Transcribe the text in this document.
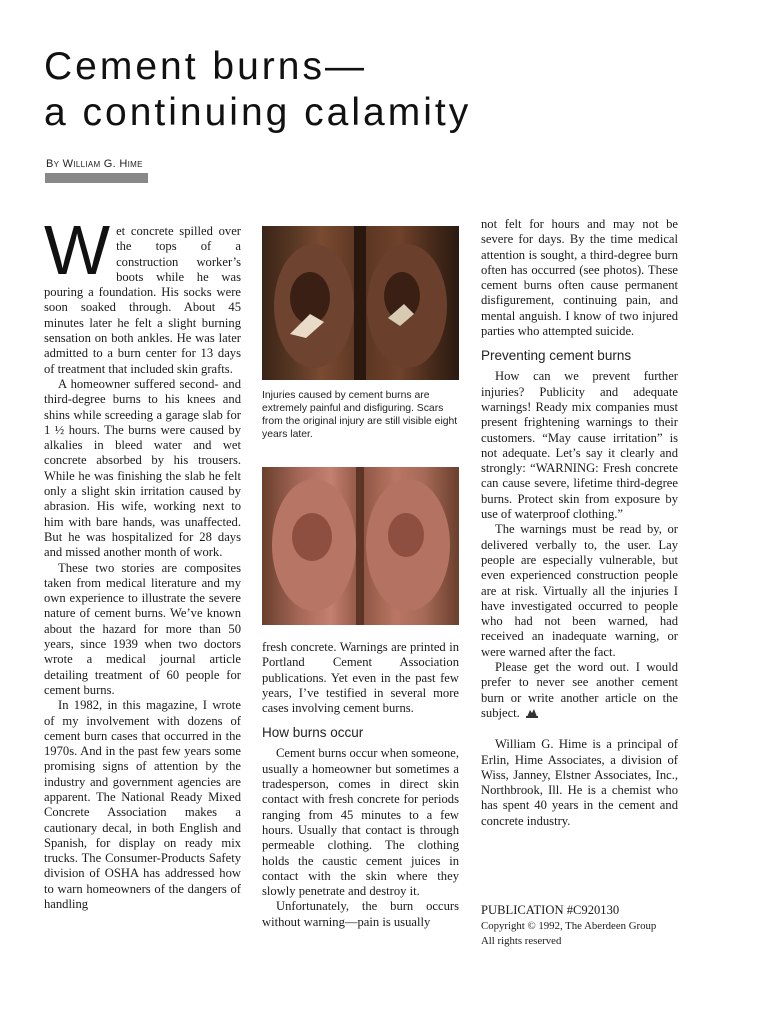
Cement burns—
a continuing calamity
By William G. Hime
W et concrete spilled over the tops of a construction worker’s boots while he was pouring a foundation. His socks were soon soaked through. About 45 minutes later he felt a slight burning sensation on both ankles. He was later admitted to a burn center for 13 days of treatment that included skin grafts.

A homeowner suffered second- and third-degree burns to his knees and shins while screeding a garage slab for 1 ½ hours. The burns were caused by alkalies in bleed water and wet concrete absorbed by his trousers. While he was finishing the slab he felt only a slight skin irritation caused by abrasion. His wife, working next to him with bare hands, was unaffected. But he was hospitalized for 28 days and missed another month of work.

These two stories are composites taken from medical literature and my own experience to illustrate the severe nature of cement burns. We’ve known about the hazard for more than 50 years, since 1939 when two doctors wrote a medical journal article detailing treatment of 60 people for cement burns.

In 1982, in this magazine, I wrote of my involvement with dozens of cement burn cases that occurred in the 1970s. And in the past few years some promising signs of attention by the industry and government agencies are apparent. The National Ready Mixed Concrete Association makes a cautionary decal, in both English and Spanish, for display on ready mix trucks. The Consumer-Products Safety division of OSHA has addressed how to warn homeowners of the dangers of handling

Injuries caused by cement burns are extremely painful and disfiguring. Scars from the original injury are still visible eight years later.

fresh concrete. Warnings are printed in Portland Cement Association publications. Yet even in the past few years, I’ve testified in several more cases involving cement burns.

How burns occur

Cement burns occur when someone, usually a homeowner but sometimes a tradesperson, comes in direct skin contact with fresh concrete for periods ranging from 45 minutes to a few hours. Usually that contact is through permeable clothing. The clothing holds the caustic cement juices in contact with the skin where they slowly penetrate and destroy it.

Unfortunately, the burn occurs without warning—pain is usually

not felt for hours and may not be severe for days. By the time medical attention is sought, a third-degree burn often has occurred (see photos). These cement burns often cause permanent disfigurement, continuing pain, and mental anguish. I know of two injured parties who attempted suicide.

Preventing cement burns

How can we prevent further injuries? Publicity and adequate warnings! Ready mix companies must present frightening warnings to their customers. “May cause irritation” is not adequate. Let’s say it clearly and strongly: “WARNING: Fresh concrete can cause severe, lifetime third-degree burns. Protect skin from exposure by use of waterproof clothing.”

The warnings must be read by, or delivered verbally to, the user. Lay people are especially vulnerable, but even experienced construction people are at risk. Virtually all the injuries I have investigated occurred to people who had not been warned, had received an inadequate warning, or were warned after the fact.

Please get the word out. I would prefer to never see another cement burn or write another article on the subject.

William G. Hime is a principal of Erlin, Hime Associates, a division of Wiss, Janney, Elstner Associates, Inc., Northbrook, Ill. He is a chemist who has spent 40 years in the cement and concrete industry.

PUBLICATION #C920130
Copyright © 1992, The Aberdeen Group
All rights reserved
